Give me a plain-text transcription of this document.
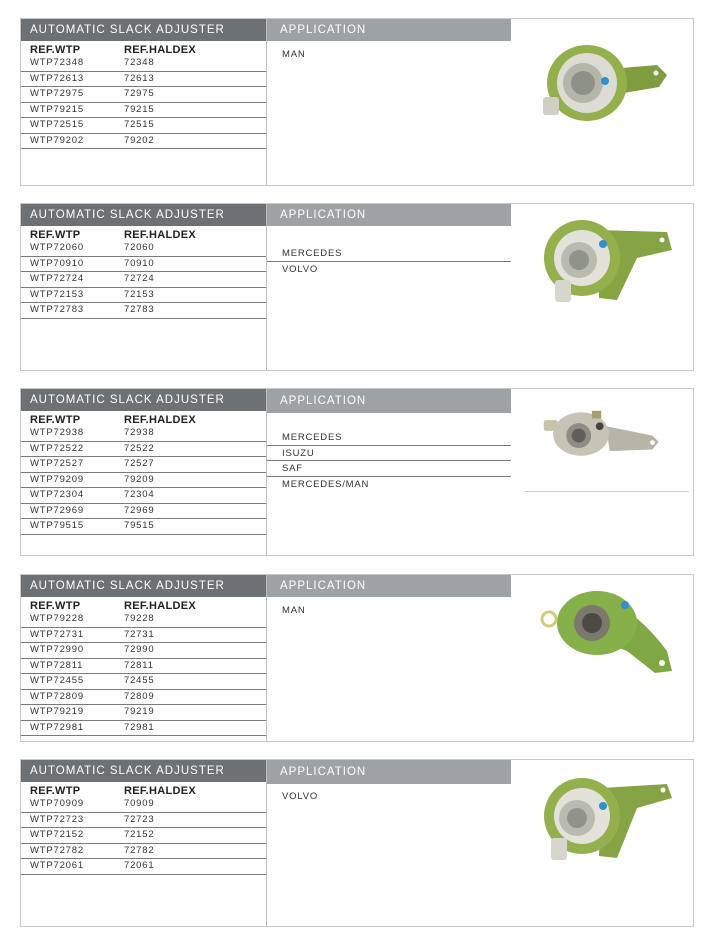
AUTOMATIC SLACK ADJUSTER	APPLICATION
REF.WTP	REF.HALDEX
WTP72348	72348
WTP72613	72613
WTP72975	72975
WTP79215	79215
WTP72515	72515
WTP79202	79202
MAN
AUTOMATIC SLACK ADJUSTER	APPLICATION
REF.WTP	REF.HALDEX
WTP72060	72060
WTP70910	70910
WTP72724	72724
WTP72153	72153
WTP72783	72783
MERCEDES
VOLVO
AUTOMATIC SLACK ADJUSTER	APPLICATION
REF.WTP	REF.HALDEX
WTP72938	72938
WTP72522	72522
WTP72527	72527
WTP79209	79209
WTP72304	72304
WTP72969	72969
WTP79515	79515
MERCEDES
ISUZU
SAF
MERCEDES/MAN
AUTOMATIC SLACK ADJUSTER	APPLICATION
REF.WTP	REF.HALDEX
WTP79228	79228
WTP72731	72731
WTP72990	72990
WTP72811	72811
WTP72455	72455
WTP72809	72809
WTP79219	79219
WTP72981	72981
MAN
AUTOMATIC SLACK ADJUSTER	APPLICATION
REF.WTP	REF.HALDEX
WTP70909	70909
WTP72723	72723
WTP72152	72152
WTP72782	72782
WTP72061	72061
VOLVO
